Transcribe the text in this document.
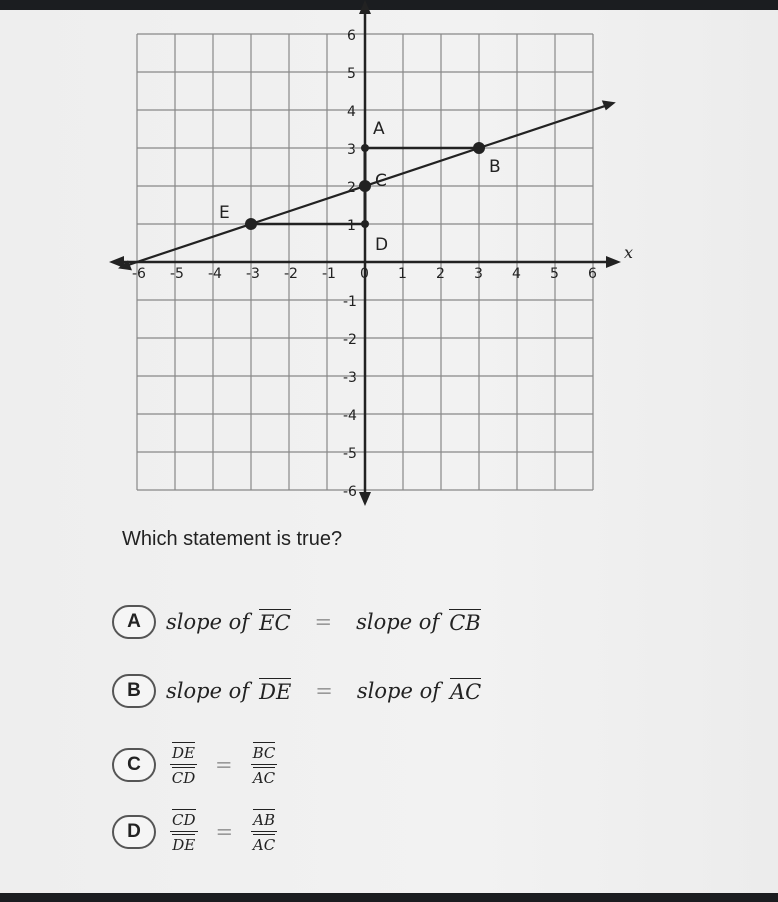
x
-6 -5 -4 -3 -2 -1 0 1 2 3 4 5 6
1
2
3
4
5
6
-1
-2
-3
-4
-5
-6
A
B
C
D
E
Which statement is true?
A	slope of EC = slope of CB
B	slope of DE = slope of AC
C	$\frac{DE}{CD} = \frac{BC}{AC}$
D	$\frac{CD}{DE} = \frac{AB}{AC}$
